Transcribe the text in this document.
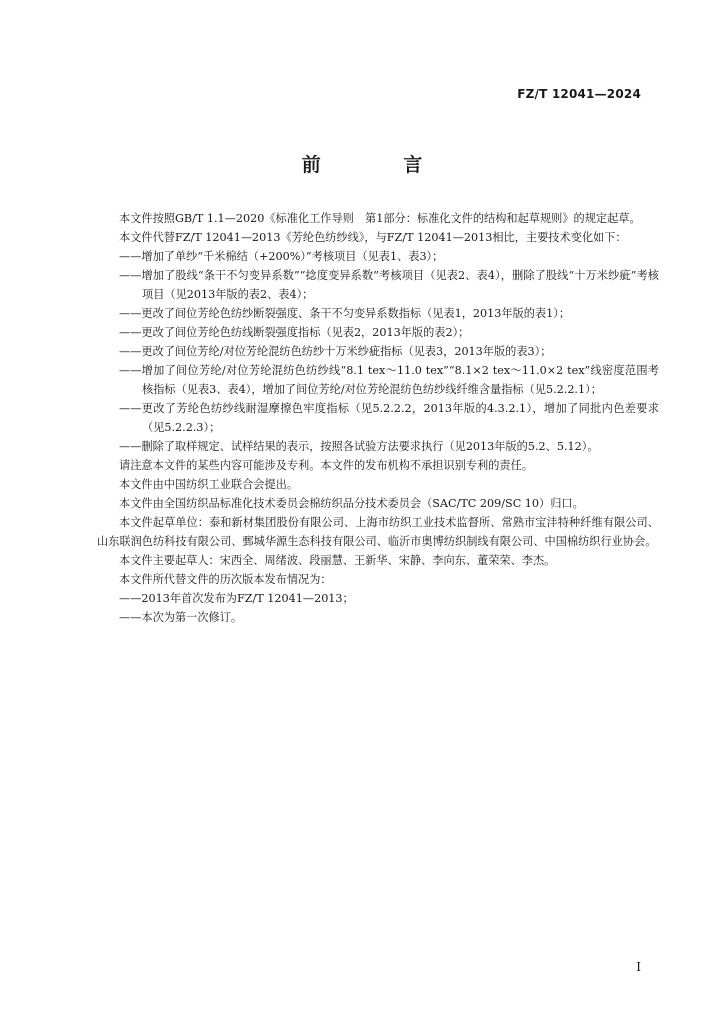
FZ/T 12041—2024
前 言

本文件按照GB/T 1.1—2020《标准化工作导则　第1部分：标准化文件的结构和起草规则》的规定起草。

本文件代替FZ/T 12041—2013《芳纶色纺纱线》，与FZ/T 12041—2013相比，主要技术变化如下：

——增加了单纱“千米棉结（+200%）”考核项目（见表1、表3）；

——增加了股线“条干不匀变异系数”“捻度变异系数”考核项目（见表2、表4），删除了股线“十万米纱疵”考核项目（见2013年版的表2、表4）；

——更改了间位芳纶色纺纱断裂强度、条干不匀变异系数指标（见表1，2013年版的表1）；

——更改了间位芳纶色纺线断裂强度指标（见表2，2013年版的表2）；

——更改了间位芳纶/对位芳纶混纺色纺纱十万米纱疵指标（见表3，2013年版的表3）；

——增加了间位芳纶/对位芳纶混纺色纺纱线“8.1 tex～11.0 tex”“8.1×2 tex～11.0×2 tex”线密度范围考核指标（见表3、表4），增加了间位芳纶/对位芳纶混纺色纺纱线纤维含量指标（见5.2.2.1）；

——更改了芳纶色纺纱线耐湿摩擦色牢度指标（见5.2.2.2，2013年版的4.3.2.1），增加了同批内色差要求（见5.2.2.3）；

——删除了取样规定、试样结果的表示，按照各试验方法要求执行（见2013年版的5.2、5.12）。

请注意本文件的某些内容可能涉及专利。本文件的发布机构不承担识别专利的责任。

本文件由中国纺织工业联合会提出。

本文件由全国纺织品标准化技术委员会棉纺织品分技术委员会（SAC/TC 209/SC 10）归口。

本文件起草单位：泰和新材集团股份有限公司、上海市纺织工业技术监督所、常熟市宝沣特种纤维有限公司、山东联润色纺科技有限公司、鄄城华源生态科技有限公司、临沂市奥博纺织制线有限公司、中国棉纺织行业协会。

本文件主要起草人：宋西全、周绪波、段丽慧、王新华、宋静、李向东、董荣荣、李杰。

本文件所代替文件的历次版本发布情况为：

——2013年首次发布为FZ/T 12041—2013；

——本次为第一次修订。

I
